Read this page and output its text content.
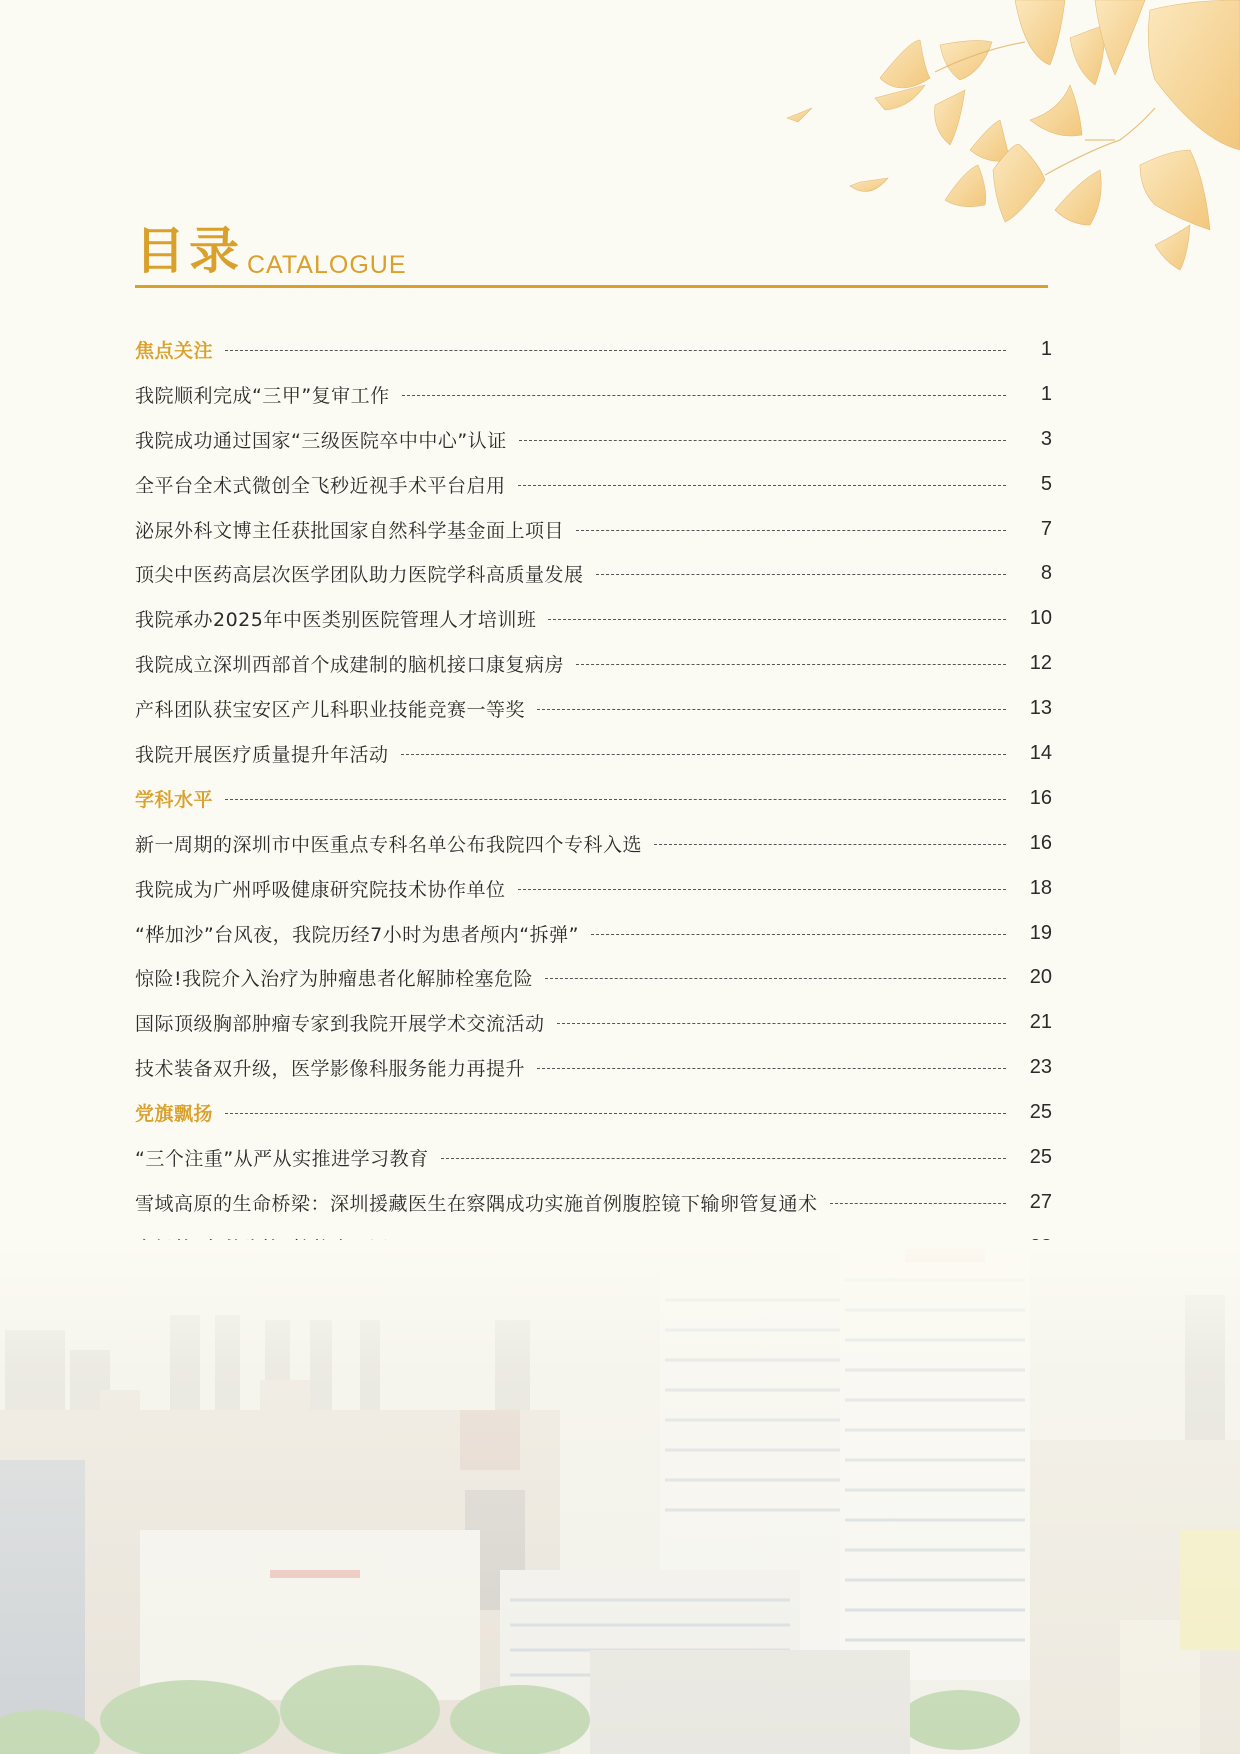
目录 CATALOGUE
焦点关注	1
我院顺利完成“三甲”复审工作	1
我院成功通过国家“三级医院卒中中心”认证	3
全平台全术式微创全飞秒近视手术平台启用	5
泌尿外科文博主任获批国家自然科学基金面上项目	7
顶尖中医药高层次医学团队助力医院学科高质量发展	8
我院承办2025年中医类别医院管理人才培训班	10
我院成立深圳西部首个成建制的脑机接口康复病房	12
产科团队获宝安区产儿科职业技能竞赛一等奖	13
我院开展医疗质量提升年活动	14
学科水平	16
新一周期的深圳市中医重点专科名单公布我院四个专科入选	16
我院成为广州呼吸健康研究院技术协作单位	18
“桦加沙”台风夜，我院历经7小时为患者颅内“拆弹”	19
惊险!我院介入治疗为肿瘤患者化解肺栓塞危险	20
国际顶级胸部肿瘤专家到我院开展学术交流活动	21
技术装备双升级，医学影像科服务能力再提升	23
党旗飘扬	25
“三个注重”从严从实推进学习教育	25
雪域高原的生命桥梁：深圳援藏医生在察隅成功实施首例腹腔镜下输卵管复通术	27
